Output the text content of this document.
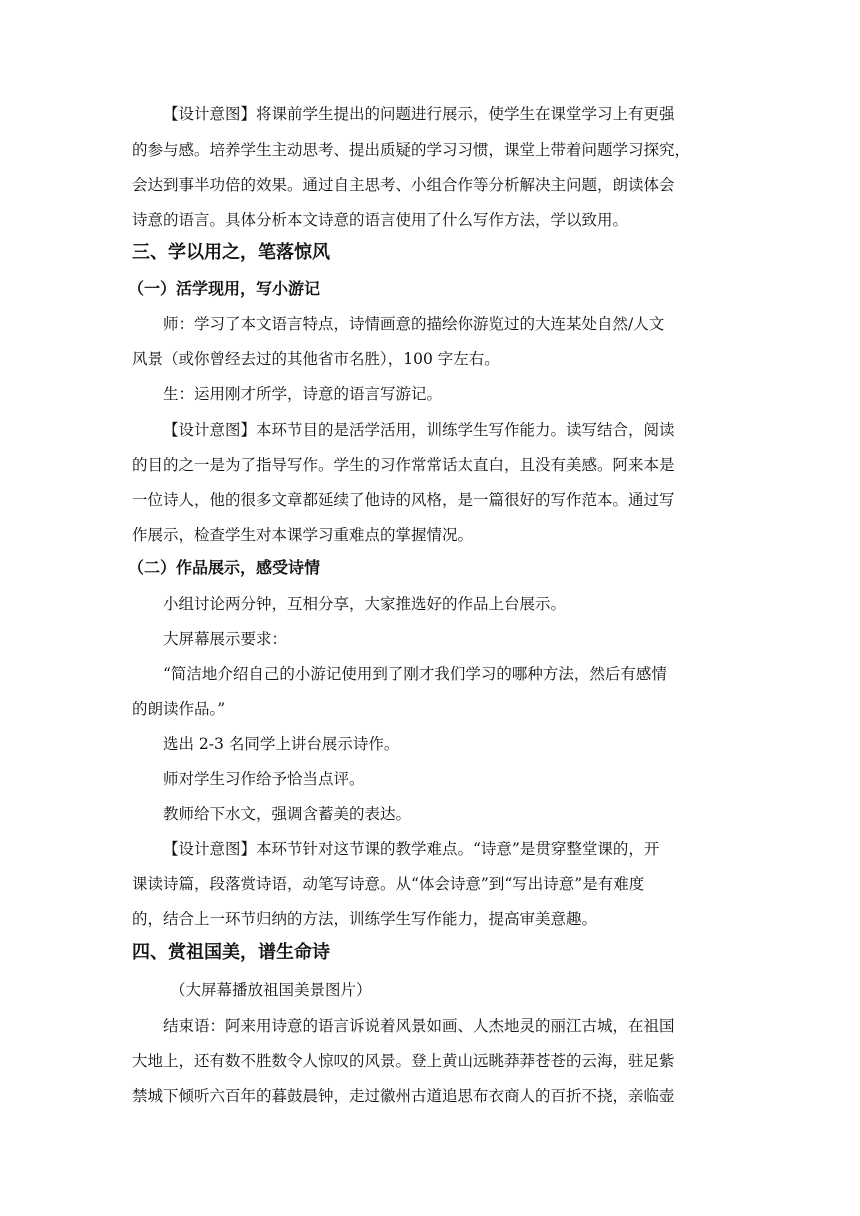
【设计意图】将课前学生提出的问题进行展示，使学生在课堂学习上有更强
的参与感。培养学生主动思考、提出质疑的学习习惯，课堂上带着问题学习探究，
会达到事半功倍的效果。通过自主思考、小组合作等分析解决主问题，朗读体会
诗意的语言。具体分析本文诗意的语言使用了什么写作方法，学以致用。
三、学以用之，笔落惊风
（一）活学现用，写小游记
师：学习了本文语言特点，诗情画意的描绘你游览过的大连某处自然/人文
风景（或你曾经去过的其他省市名胜），100 字左右。
生：运用刚才所学，诗意的语言写游记。
【设计意图】本环节目的是活学活用，训练学生写作能力。读写结合，阅读
的目的之一是为了指导写作。学生的习作常常话太直白，且没有美感。阿来本是
一位诗人，他的很多文章都延续了他诗的风格，是一篇很好的写作范本。通过写
作展示，检查学生对本课学习重难点的掌握情况。
（二）作品展示，感受诗情
小组讨论两分钟，互相分享，大家推选好的作品上台展示。
大屏幕展示要求：
“简洁地介绍自己的小游记使用到了刚才我们学习的哪种方法，然后有感情
的朗读作品。”
选出 2-3 名同学上讲台展示诗作。
师对学生习作给予恰当点评。
教师给下水文，强调含蓄美的表达。
【设计意图】本环节针对这节课的教学难点。“诗意”是贯穿整堂课的，开
课读诗篇，段落赏诗语，动笔写诗意。从“体会诗意”到“写出诗意”是有难度
的，结合上一环节归纳的方法，训练学生写作能力，提高审美意趣。
四、赏祖国美，谱生命诗
（大屏幕播放祖国美景图片）
结束语：阿来用诗意的语言诉说着风景如画、人杰地灵的丽江古城，在祖国
大地上，还有数不胜数令人惊叹的风景。登上黄山远眺莽莽苍苍的云海，驻足紫
禁城下倾听六百年的暮鼓晨钟，走过徽州古道追思布衣商人的百折不挠，亲临壶
